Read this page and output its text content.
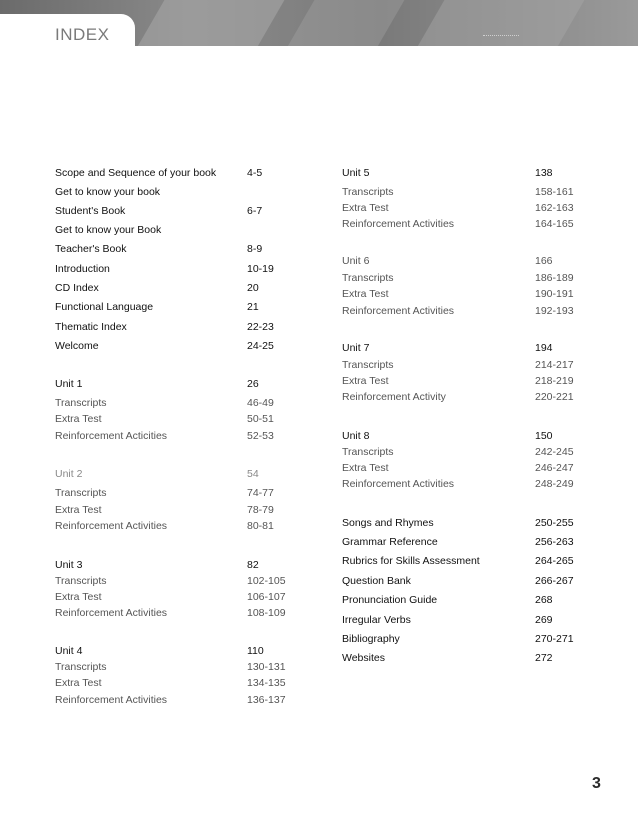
INDEX
Scope and Sequence of your book	4-5
Get to know your book
Student's Book	6-7
Get to know your Book
Teacher's Book	8-9
Introduction	10-19
CD Index	20
Functional Language	21
Thematic Index	22-23
Welcome	24-25
Unit 1	26
Transcripts	46-49
Extra Test	50-51
Reinforcement Acticities	52-53
Unit 2	54
Transcripts	74-77
Extra Test	78-79
Reinforcement Activities	80-81
Unit 3	82
Transcripts	102-105
Extra Test	106-107
Reinforcement Activities	108-109
Unit 4	110
Transcripts	130-131
Extra Test	134-135
Reinforcement Activities	136-137
Unit 5	138
Transcripts	158-161
Extra Test	162-163
Reinforcement Activities	164-165
Unit 6	166
Transcripts	186-189
Extra Test	190-191
Reinforcement Activities	192-193
Unit 7	194
Transcripts	214-217
Extra Test	218-219
Reinforcement Activity	220-221
Unit 8	150
Transcripts	242-245
Extra Test	246-247
Reinforcement Activities	248-249
Songs and Rhymes	250-255
Grammar Reference	256-263
Rubrics for Skills Assessment	264-265
Question Bank	266-267
Pronunciation Guide	268
Irregular Verbs	269
Bibliography	270-271
Websites	272
3
